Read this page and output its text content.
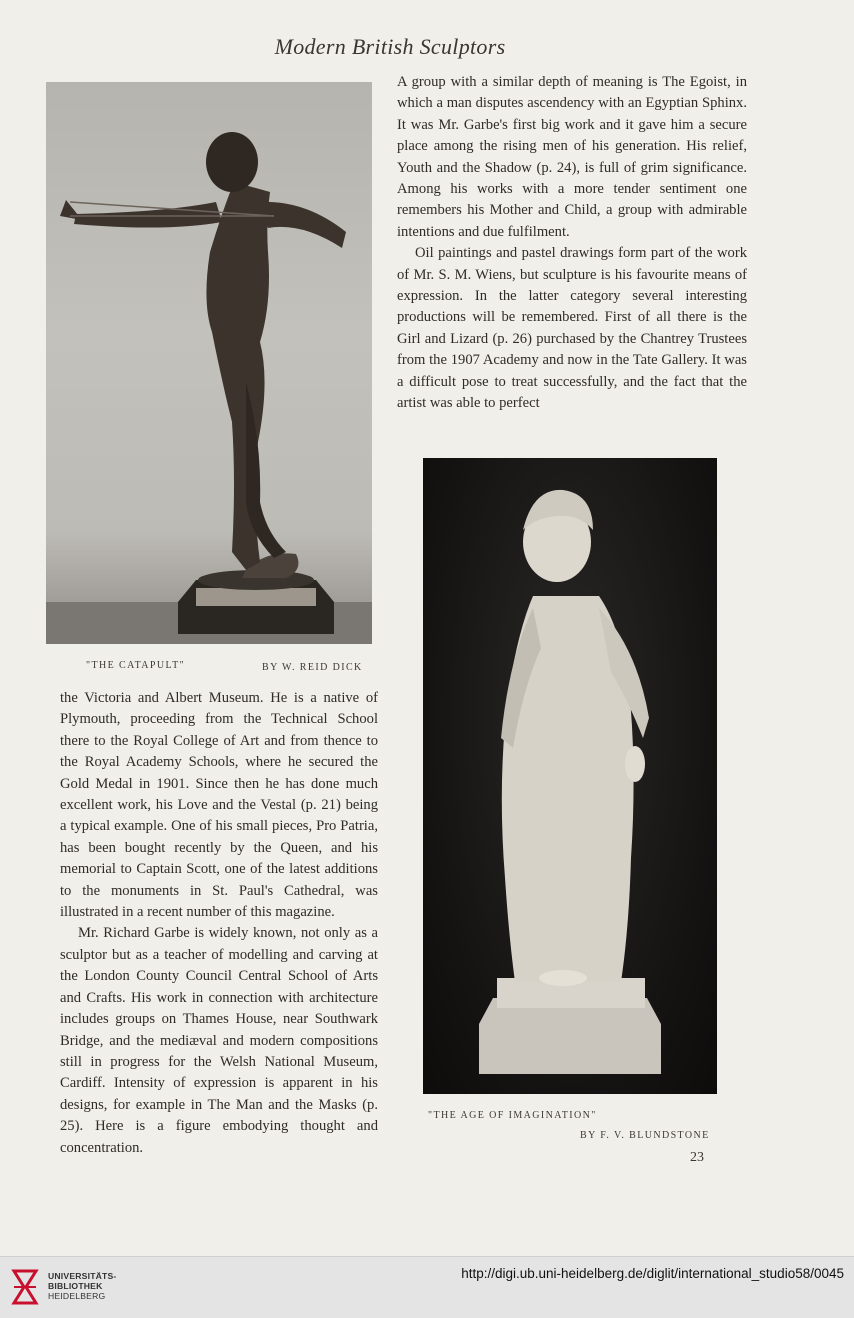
Modern British Sculptors

A group with a similar depth of meaning is The Egoist, in which a man disputes ascendency with an Egyptian Sphinx. It was Mr. Garbe's first big work and it gave him a secure place among the rising men of his generation. His relief, Youth and the Shadow (p. 24), is full of grim significance. Among his works with a more tender sentiment one remembers his Mother and Child, a group with admirable intentions and due fulfilment.

Oil paintings and pastel drawings form part of the work of Mr. S. M. Wiens, but sculpture is his favourite means of expression. In the latter category several interesting productions will be remembered. First of all there is the Girl and Lizard (p. 26) purchased by the Chantrey Trustees from the 1907 Academy and now in the Tate Gallery. It was a difficult pose to treat successfully, and the fact that the artist was able to perfect

"THE CATAPULT"	BY W. REID DICK

the Victoria and Albert Museum. He is a native of Plymouth, proceeding from the Technical School there to the Royal College of Art and from thence to the Royal Academy Schools, where he secured the Gold Medal in 1901. Since then he has done much excellent work, his Love and the Vestal (p. 21) being a typical example. One of his small pieces, Pro Patria, has been bought recently by the Queen, and his memorial to Captain Scott, one of the latest additions to the monuments in St. Paul's Cathedral, was illustrated in a recent number of this magazine.

Mr. Richard Garbe is widely known, not only as a sculptor but as a teacher of modelling and carving at the London County Council Central School of Arts and Crafts. His work in connection with architecture includes groups on Thames House, near Southwark Bridge, and the mediæval and modern compositions still in progress for the Welsh National Museum, Cardiff. Intensity of expression is apparent in his designs, for example in The Man and the Masks (p. 25). Here is a figure embodying thought and concentration.

"THE AGE OF IMAGINATION"
BY F. V. BLUNDSTONE
23
UNIVERSITÄTS-
BIBLIOTHEK
HEIDELBERG
http://digi.ub.uni-heidelberg.de/diglit/international_studio58/0045
